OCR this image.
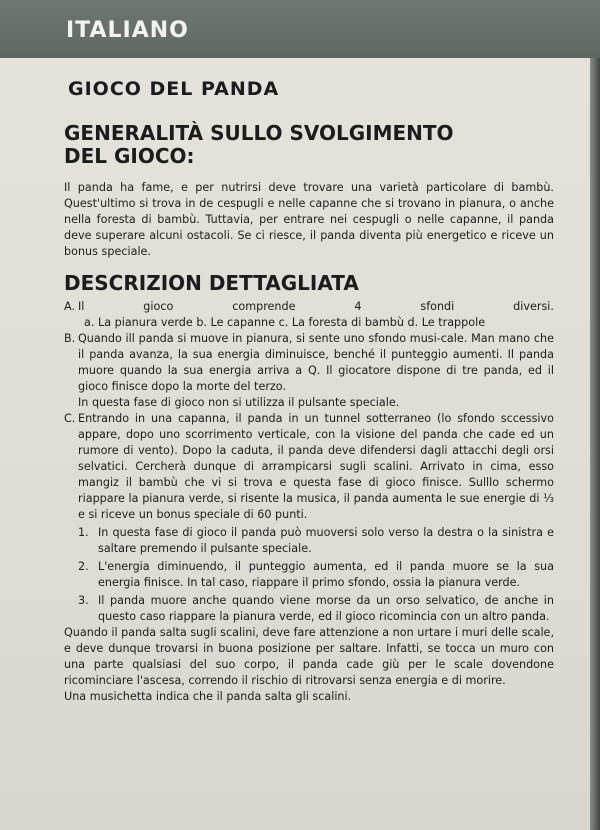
ITALIANO
GIOCO DEL PANDA
GENERALITÀ SULLO SVOLGIMENTO
DEL GIOCO:

Il panda ha fame, e per nutrirsi deve trovare una varietà particolare di bambù. Quest'ultimo si trova in de cespugli e nelle capanne che si trovano in pianura, o anche nella foresta di bambù. Tuttavia, per entrare nei cespugli o nelle capanne, il panda deve superare alcuni ostacoli. Se ci riesce, il panda diventa più energetico e riceve un bonus speciale.

DESCRIZION DETTAGLIATA
A. Il	gioco	comprende	4	sfondi	diversi.
a. La pianura verde b. Le capanne c. La foresta di bambù d. Le trappole
B. Quando ill panda si muove in pianura, si sente uno sfondo musi-cale. Man mano che il panda avanza, la sua energia diminuisce, benché il punteggio aumenti. Il panda muore quando la sua energia arriva a Q. Il giocatore dispone di tre panda, ed il gioco finisce dopo la morte del terzo.
In questa fase di gioco non si utilizza il pulsante speciale.
C. Entrando in una capanna, il panda in un tunnel sotterraneo (lo sfondo sccessivo appare, dopo uno scorrimento verticale, con la visione del panda che cade ed un rumore di vento). Dopo la caduta, il panda deve difendersi dagli attacchi degli orsi selvatici. Cercherà dunque di arrampicarsi sugli scalini. Arrivato in cima, esso mangiz il bambù che vi si trova e questa fase di gioco finisce. Sulllo schermo riappare la pianura verde, si risente la musica, il panda aumenta le sue energie di ⅓ e si riceve un bonus speciale di 60 punti.
1. In questa fase di gioco il panda può muoversi solo verso la destra o la sinistra e saltare premendo il pulsante speciale.
2. L'energia diminuendo, il punteggio aumenta, ed il panda muore se la sua energia finisce. In tal caso, riappare il primo sfondo, ossia la pianura verde.
3. Il panda muore anche quando viene morse da un orso selvatico, de anche in questo caso riappare la pianura verde, ed il gioco ricomincia con un altro panda.

Quando il panda salta sugli scalini, deve fare attenzione a non urtare i muri delle scale, e deve dunque trovarsi in buona posizione per saltare. Infatti, se tocca un muro con una parte qualsiasi del suo corpo, il panda cade giù per le scale dovendone ricominciare l'ascesa, correndo il rischio di ritrovarsi senza energia e di morire.

Una musichetta indica che il panda salta gli scalini.
